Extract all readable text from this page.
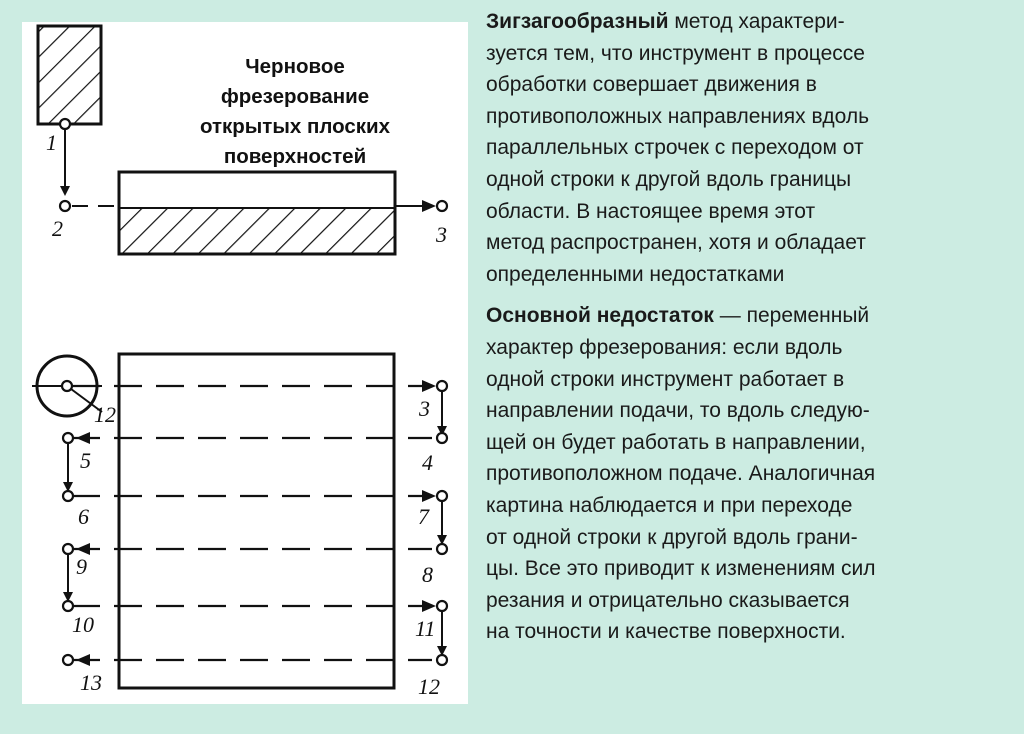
1
2	3
12	3
4
5
6	7
8
9
10	11
13	12
Черновое
фрезерование
открытых плоских
поверхностей

Зигзагообразный метод характери-
зуется тем, что инструмент в процессе
обработки совершает движения в
противоположных направлениях вдоль
параллельных строчек с переходом от
одной строки к другой вдоль границы
области. В настоящее время этот
метод распространен, хотя и обладает
определенными недостатками

Основной недостаток — переменный
характер фрезерования: если вдоль
одной строки инструмент работает в
направлении подачи, то вдоль следую-
щей он будет работать в направлении,
противоположном подаче. Аналогичная
картина наблюдается и при переходе
от одной строки к другой вдоль грани-
цы. Все это приводит к изменениям сил
резания и отрицательно сказывается
на точности и качестве поверхности.
